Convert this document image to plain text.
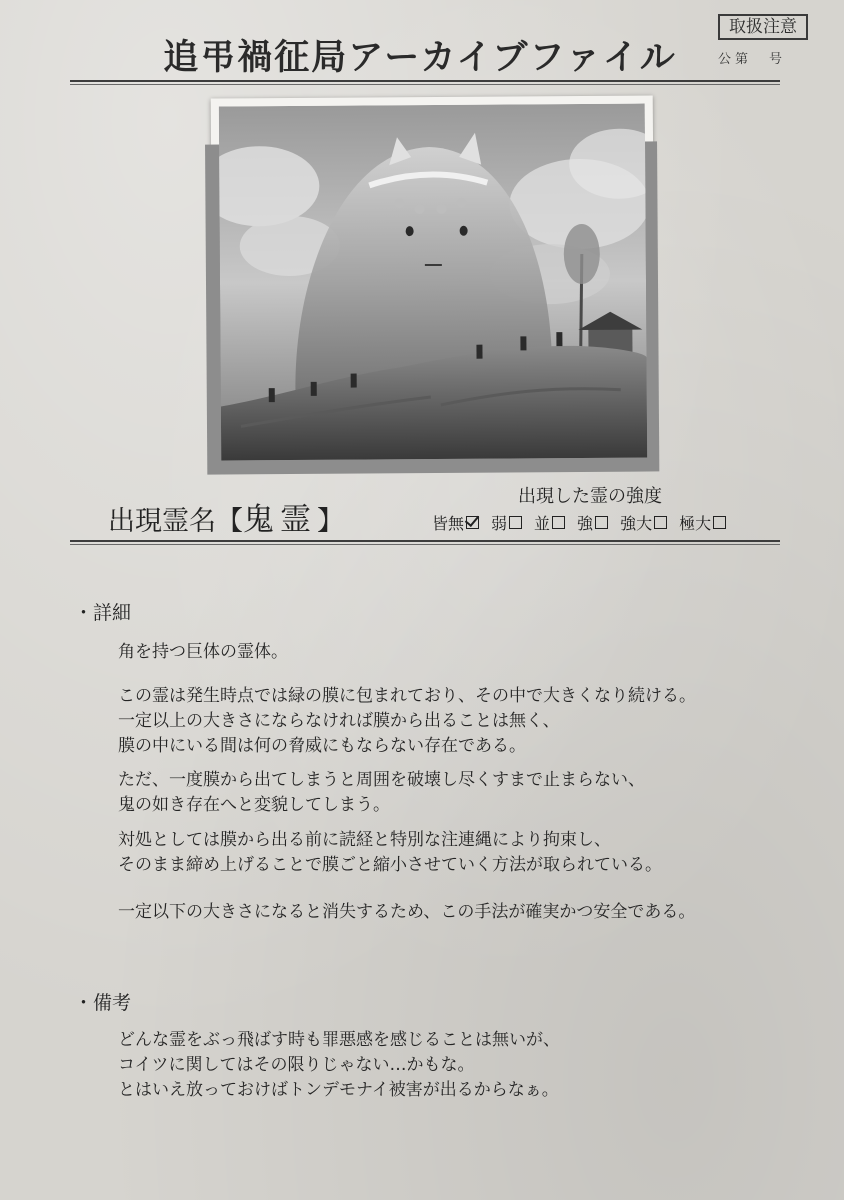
取扱注意
公第　号
追弔禍征局アーカイブファイル
出現霊名【鬼霊】
出現した霊の強度
皆無 弱 並 強 強大 極大
・詳細

角を持つ巨体の霊体。

この霊は発生時点では緑の膜に包まれており、その中で大きくなり続ける。
一定以上の大きさにならなければ膜から出ることは無く、
膜の中にいる間は何の脅威にもならない存在である。

ただ、一度膜から出てしまうと周囲を破壊し尽くすまで止まらない、
鬼の如き存在へと変貌してしまう。

対処としては膜から出る前に読経と特別な注連縄により拘束し、
そのまま締め上げることで膜ごと縮小させていく方法が取られている。

一定以下の大きさになると消失するため、この手法が確実かつ安全である。

・備考

どんな霊をぶっ飛ばす時も罪悪感を感じることは無いが、
コイツに関してはその限りじゃない…かもな。
とはいえ放っておけばトンデモナイ被害が出るからなぁ。
